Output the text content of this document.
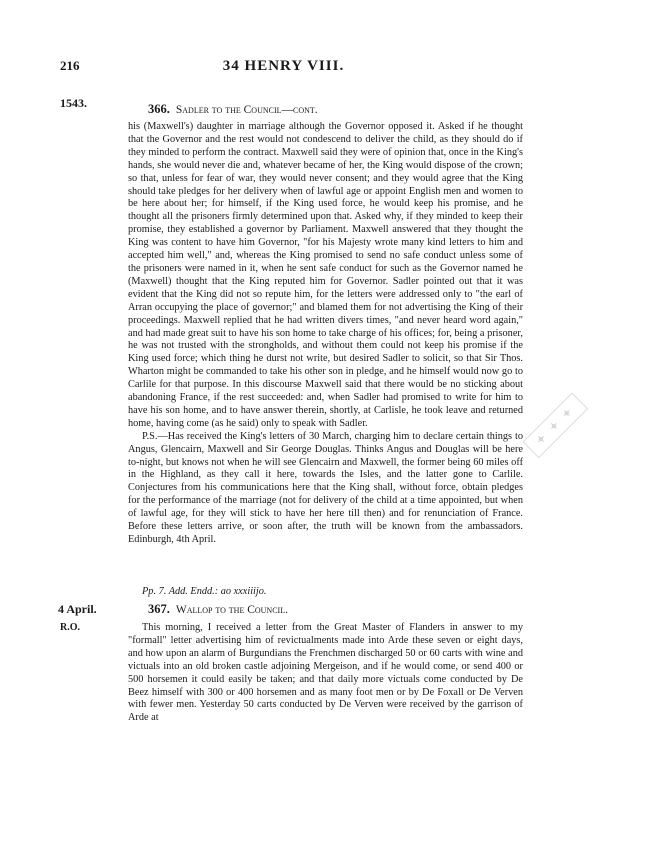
✦ ✦ ✦
216	34 HENRY VIII.
1543.	366. Sadler to the Council—cont.

his (Maxwell's) daughter in marriage although the Governor opposed it. Asked if he thought that the Governor and the rest would not condescend to deliver the child, as they should do if they minded to perform the contract. Maxwell said they were of opinion that, once in the King's hands, she would never die and, whatever became of her, the King would dispose of the crown; so that, unless for fear of war, they would never consent; and they would agree that the King should take pledges for her delivery when of lawful age or appoint English men and women to be here about her; for himself, if the King used force, he would keep his promise, and he thought all the prisoners firmly determined upon that. Asked why, if they minded to keep their promise, they established a governor by Parliament. Maxwell answered that they thought the King was content to have him Governor, "for his Majesty wrote many kind letters to him and accepted him well," and, whereas the King promised to send no safe conduct unless some of the prisoners were named in it, when he sent safe conduct for such as the Governor named he (Maxwell) thought that the King reputed him for Governor. Sadler pointed out that it was evident that the King did not so repute him, for the letters were addressed only to "the earl of Arran occupying the place of governor;" and blamed them for not advertising the King of their proceedings. Maxwell replied that he had written divers times, "and never heard word again," and had made great suit to have his son home to take charge of his offices; for, being a prisoner, he was not trusted with the strongholds, and without them could not keep his promise if the King used force; which thing he durst not write, but desired Sadler to solicit, so that Sir Thos. Wharton might be commanded to take his other son in pledge, and he himself would now go to Carlile for that purpose. In this discourse Maxwell said that there would be no sticking about abandoning France, if the rest succeeded: and, when Sadler had promised to write for him to have his son home, and to have answer therein, shortly, at Carlisle, he took leave and returned home, having come (as he said) only to speak with Sadler.

P.S.—Has received the King's letters of 30 March, charging him to declare certain things to Angus, Glencairn, Maxwell and Sir George Douglas. Thinks Angus and Douglas will be here to-night, but knows not when he will see Glencairn and Maxwell, the former being 60 miles off in the Highland, as they call it here, towards the Isles, and the latter gone to Carlile. Conjectures from his communications here that the King shall, without force, obtain pledges for the performance of the marriage (not for delivery of the child at a time appointed, but when of lawful age, for they will stick to have her here till then) and for renunciation of France. Before these letters arrive, or soon after, the truth will be known from the ambassadors. Edinburgh, 4th April.

Pp. 7. Add. Endd.: ao xxxiiijo.
4 April.
R.O.
367. Wallop to the Council.

This morning, I received a letter from the Great Master of Flanders in answer to my "formall" letter advertising him of revictualments made into Arde these seven or eight days, and how upon an alarm of Burgundians the Frenchmen discharged 50 or 60 carts with wine and victuals into an old broken castle adjoining Mergeison, and if he would come, or send 400 or 500 horsemen it could easily be taken; and that daily more victuals come conducted by De Beez himself with 300 or 400 horsemen and as many foot men or by De Foxall or De Verven with fewer men. Yesterday 50 carts conducted by De Verven were received by the garrison of Arde at
